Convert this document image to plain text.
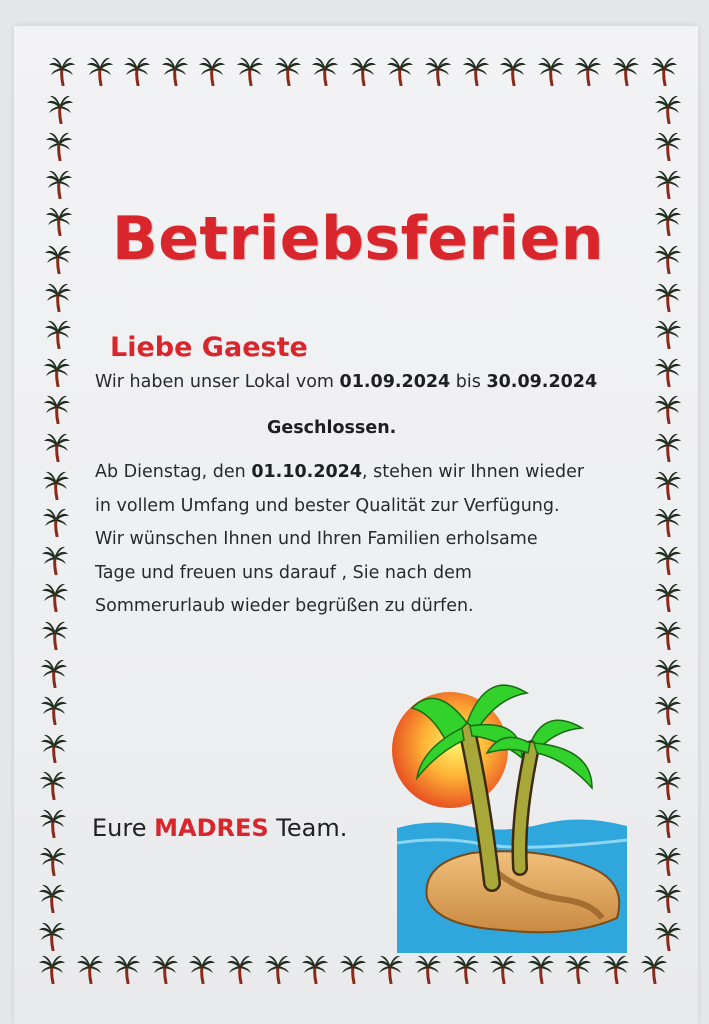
Betriebsferien
Liebe Gaeste
Wir haben unser Lokal vom 01.09.2024 bis 30.09.2024
Geschlossen.
Ab Dienstag, den 01.10.2024, stehen wir Ihnen wieder
in vollem Umfang und bester Qualität zur Verfügung.
Wir wünschen Ihnen und Ihren Familien erholsame
Tage und freuen uns darauf , Sie nach dem
Sommerurlaub wieder begrüßen zu dürfen.
Eure MADRES Team.
